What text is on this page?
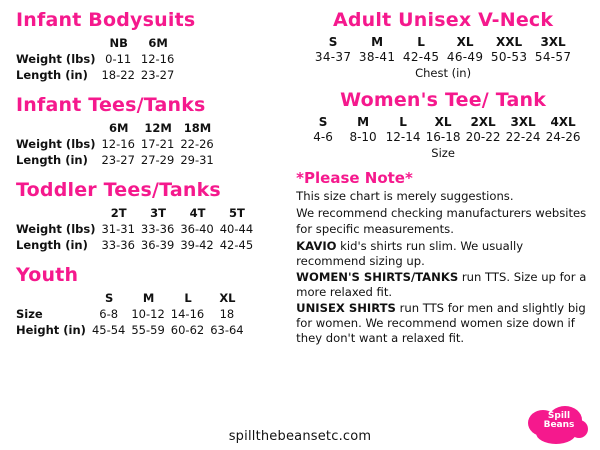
Infant Bodysuits
	NB	6M
Weight (lbs)	0-11	12-16
Length (in)	18-22	23-27
Infant Tees/Tanks
	6M	12M	18M
Weight (lbs)	12-16	17-21	22-26
Length (in)	23-27	27-29	29-31
Toddler Tees/Tanks
	2T	3T	4T	5T
Weight (lbs)	31-31	33-36	36-40	40-44
Length (in)	33-36	36-39	39-42	42-45
Youth
	S	M	L	XL
Size	6-8	10-12	14-16	18
Height (in)	45-54	55-59	60-62	63-64
Adult Unisex V-Neck
S	M	L	XL	XXL	3XL
34-37 38-41 42-45 46-49 50-53 54-57
Chest (in)
Women's Tee/ Tank
S	M	L	XL	2XL	3XL	4XL
4-6	8-10 12-14 16-18 20-22 22-24 24-26
Size
*Please Note*

This size chart is merely suggestions.

We recommend checking manufacturers websites

for specific measurements.

KAVIO kid's shirts run slim. We usually recommend sizing up.

WOMEN'S SHIRTS/TANKS run TTS. Size up for a more relaxed fit.

UNISEX SHIRTS run TTS for men and slightly big for women. We recommend women size down if they don't want a relaxed fit.

spillthebeansetc.com
Spill
Beans
